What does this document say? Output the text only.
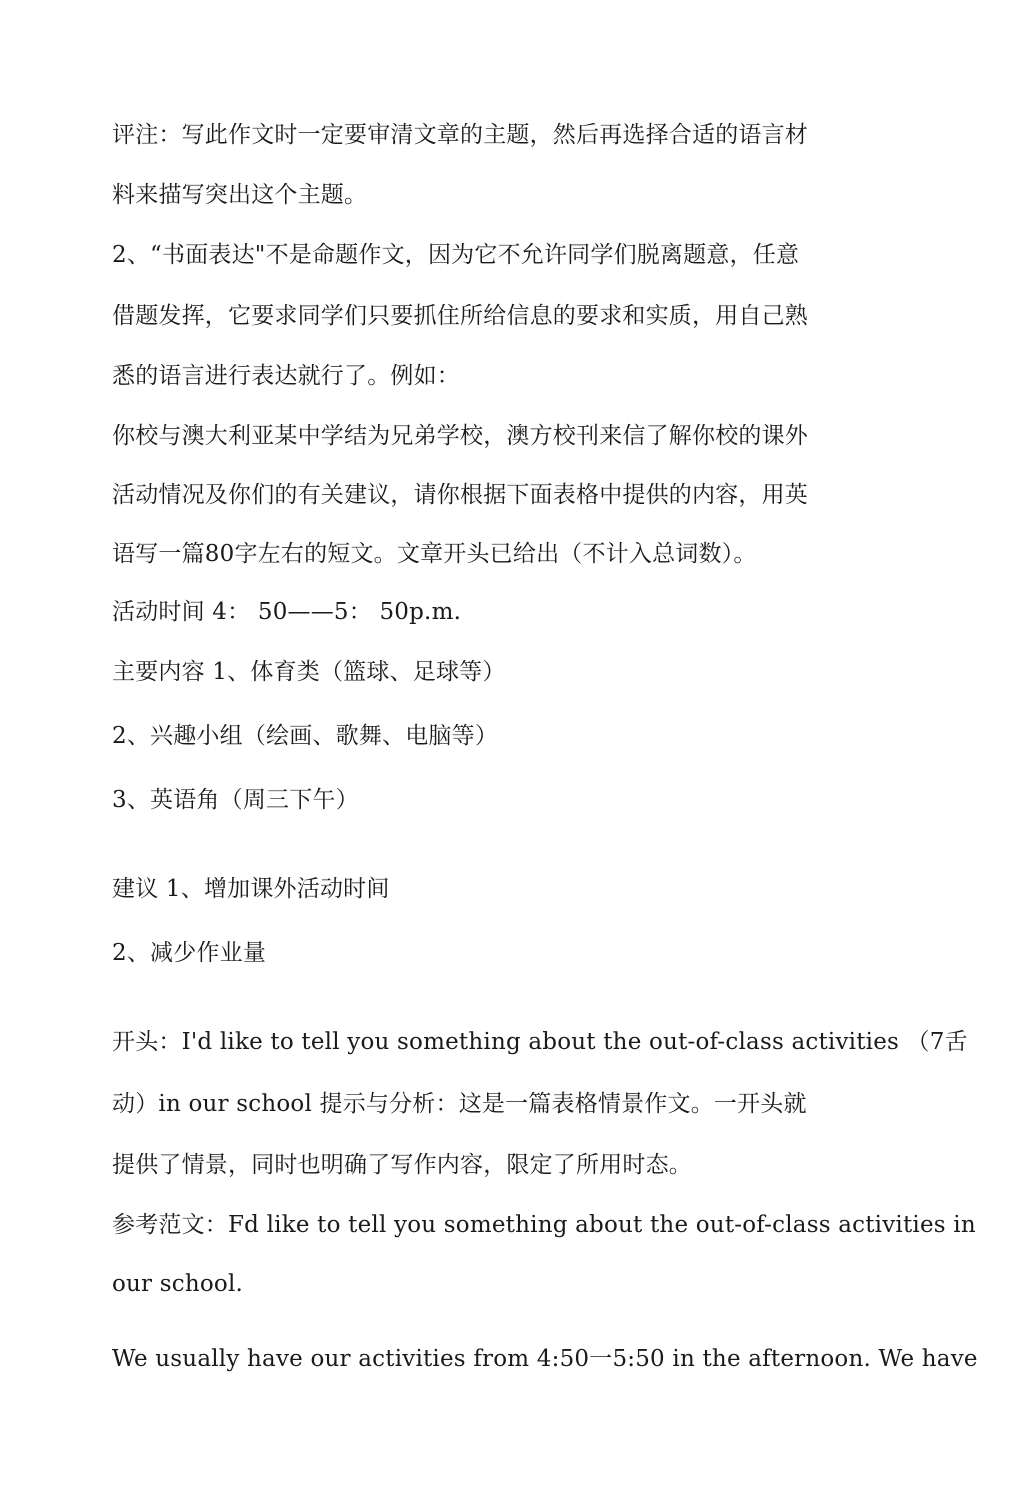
评注：写此作文时一定要审清文章的主题，然后再选择合适的语言材
料来描写突出这个主题。
2、“书面表达"不是命题作文，因为它不允许同学们脱离题意，任意
借题发挥，它要求同学们只要抓住所给信息的要求和实质，用自己熟
悉的语言进行表达就行了。例如：
你校与澳大利亚某中学结为兄弟学校，澳方校刊来信了解你校的课外
活动情况及你们的有关建议，请你根据下面表格中提供的内容，用英
语写一篇80字左右的短文。文章开头已给出（不计入总词数）。
活动时间 4： 50——5： 50p.m.
主要内容 1、体育类（篮球、足球等）
2、兴趣小组（绘画、歌舞、电脑等）
3、英语角（周三下午）
建议 1、增加课外活动时间
2、减少作业量
开头：I'd like to tell you something about the out-of-class activities （7舌
动）in our school 提示与分析：这是一篇表格情景作文。一开头就
提供了情景，同时也明确了写作内容，限定了所用时态。
参考范文：Fd like to tell you something about the out-of-class activities in
our school.
We usually have our activities from 4:50一5:50 in the afternoon. We have
